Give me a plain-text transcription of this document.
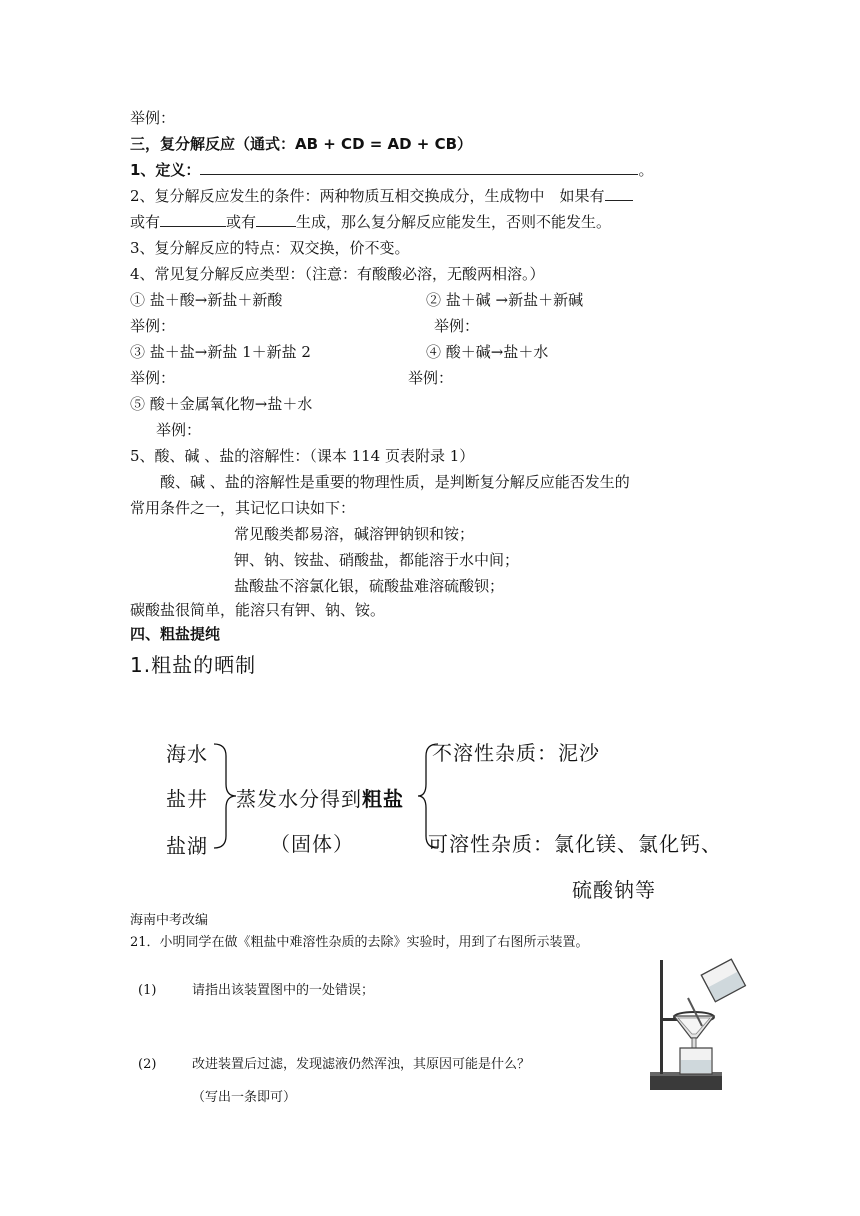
举例：
三，复分解反应（通式：AB + CD = AD + CB）
1、定义：	。
2、复分解反应发生的条件：两种物质互相交换成分，生成物中　如果有
或有	或有	生成，那么复分解反应能发生，否则不能发生。
3、复分解反应的特点：双交换，价不变。
4、常见复分解反应类型：（注意：有酸酸必溶，无酸两相溶。）
① 盐＋酸→新盐＋新酸	② 盐＋碱 →新盐＋新碱
举例：	举例：
③ 盐＋盐→新盐 1＋新盐 2	④ 酸＋碱→盐＋水
举例：	举例：
⑤ 酸＋金属氧化物→盐＋水
举例：
5、酸、碱 、盐的溶解性：（课本 114 页表附录 1）
酸、碱 、盐的溶解性是重要的物理性质，是判断复分解反应能否发生的
常用条件之一，其记忆口诀如下：
常见酸类都易溶，碱溶钾钠钡和铵；
钾、钠、铵盐、硝酸盐，都能溶于水中间；
盐酸盐不溶氯化银，硫酸盐难溶硫酸钡；
碳酸盐很简单，能溶只有钾、钠、铵。
四、粗盐提纯
1.粗盐的晒制
海水
盐井
盐湖
蒸发水分得到粗盐
（固体）
不溶性杂质：泥沙
可溶性杂质：氯化镁、氯化钙、
硫酸钠等
海南中考改编
21．小明同学在做《粗盐中难溶性杂质的去除》实验时，用到了右图所示装置。
(1)	请指出该装置图中的一处错误；
(2)	改进装置后过滤，发现滤液仍然浑浊，其原因可能是什么？
（写出一条即可）
